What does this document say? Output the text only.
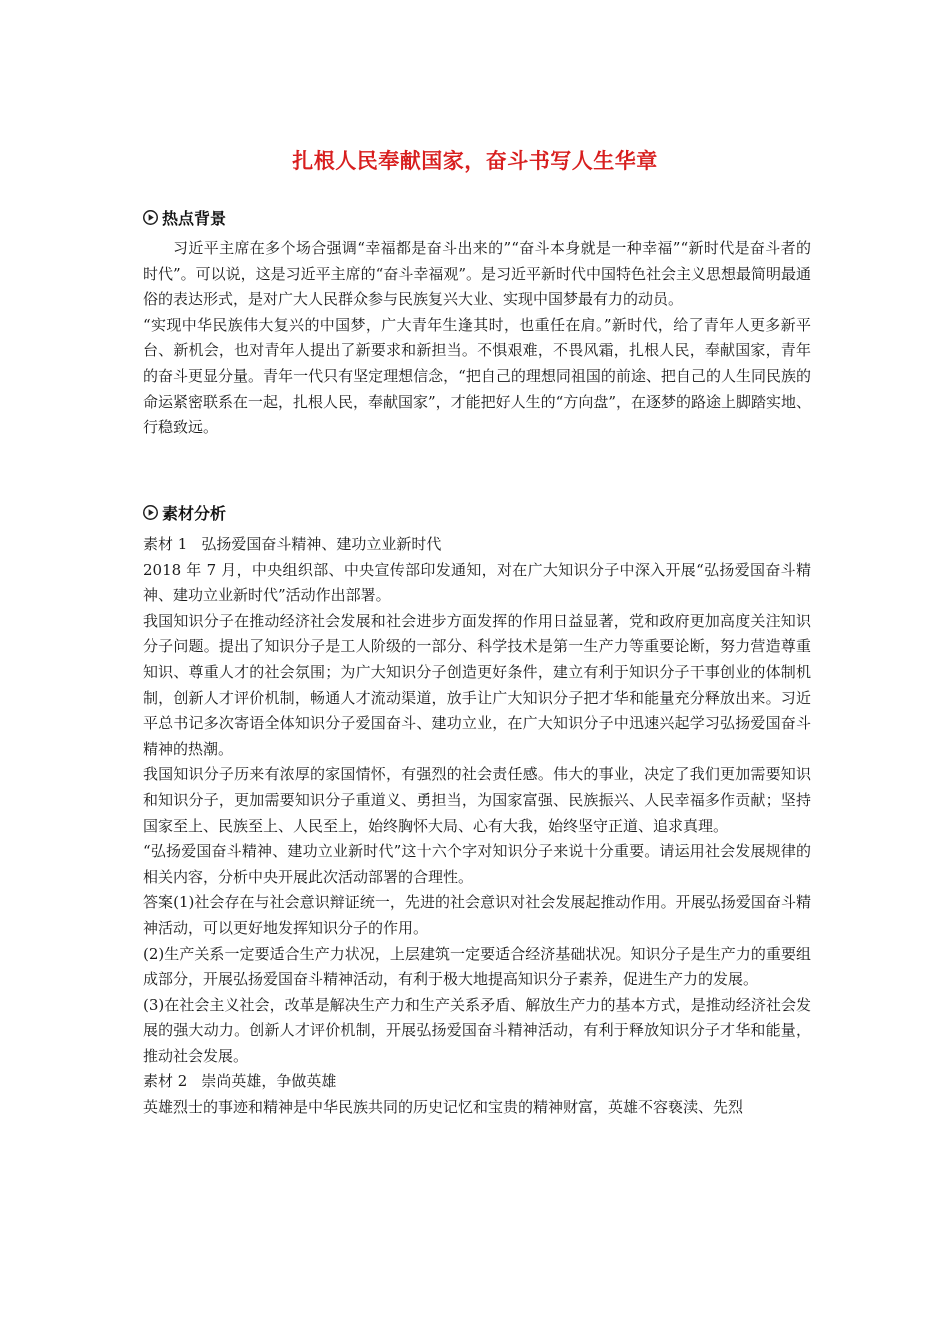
扎根人民奉献国家，奋斗书写人生华章
热点背景

习近平主席在多个场合强调“幸福都是奋斗出来的”“奋斗本身就是一种幸福”“新时代是奋斗者的时代”。可以说，这是习近平主席的“奋斗幸福观”。是习近平新时代中国特色社会主义思想最简明最通俗的表达形式，是对广大人民群众参与民族复兴大业、实现中国梦最有力的动员。

“实现中华民族伟大复兴的中国梦，广大青年生逢其时，也重任在肩。”新时代，给了青年人更多新平台、新机会，也对青年人提出了新要求和新担当。不惧艰难，不畏风霜，扎根人民，奉献国家，青年的奋斗更显分量。青年一代只有坚定理想信念，“把自己的理想同祖国的前途、把自己的人生同民族的命运紧密联系在一起，扎根人民，奉献国家”，才能把好人生的“方向盘”，在逐梦的路途上脚踏实地、行稳致远。

素材分析

素材 1 弘扬爱国奋斗精神、建功立业新时代

2018 年 7 月，中央组织部、中央宣传部印发通知，对在广大知识分子中深入开展“弘扬爱国奋斗精神、建功立业新时代”活动作出部署。

我国知识分子在推动经济社会发展和社会进步方面发挥的作用日益显著，党和政府更加高度关注知识分子问题。提出了知识分子是工人阶级的一部分、科学技术是第一生产力等重要论断，努力营造尊重知识、尊重人才的社会氛围；为广大知识分子创造更好条件，建立有利于知识分子干事创业的体制机制，创新人才评价机制，畅通人才流动渠道，放手让广大知识分子把才华和能量充分释放出来。习近平总书记多次寄语全体知识分子爱国奋斗、建功立业，在广大知识分子中迅速兴起学习弘扬爱国奋斗精神的热潮。

我国知识分子历来有浓厚的家国情怀，有强烈的社会责任感。伟大的事业，决定了我们更加需要知识和知识分子，更加需要知识分子重道义、勇担当，为国家富强、民族振兴、人民幸福多作贡献；坚持国家至上、民族至上、人民至上，始终胸怀大局、心有大我，始终坚守正道、追求真理。

“弘扬爱国奋斗精神、建功立业新时代”这十六个字对知识分子来说十分重要。请运用社会发展规律的相关内容，分析中央开展此次活动部署的合理性。

答案(1)社会存在与社会意识辩证统一，先进的社会意识对社会发展起推动作用。开展弘扬爱国奋斗精神活动，可以更好地发挥知识分子的作用。

(2)生产关系一定要适合生产力状况，上层建筑一定要适合经济基础状况。知识分子是生产力的重要组成部分，开展弘扬爱国奋斗精神活动，有利于极大地提高知识分子素养，促进生产力的发展。

(3)在社会主义社会，改革是解决生产力和生产关系矛盾、解放生产力的基本方式，是推动经济社会发展的强大动力。创新人才评价机制，开展弘扬爱国奋斗精神活动，有利于释放知识分子才华和能量，推动社会发展。

素材 2 崇尚英雄，争做英雄

英雄烈士的事迹和精神是中华民族共同的历史记忆和宝贵的精神财富，英雄不容亵渎、先烈
